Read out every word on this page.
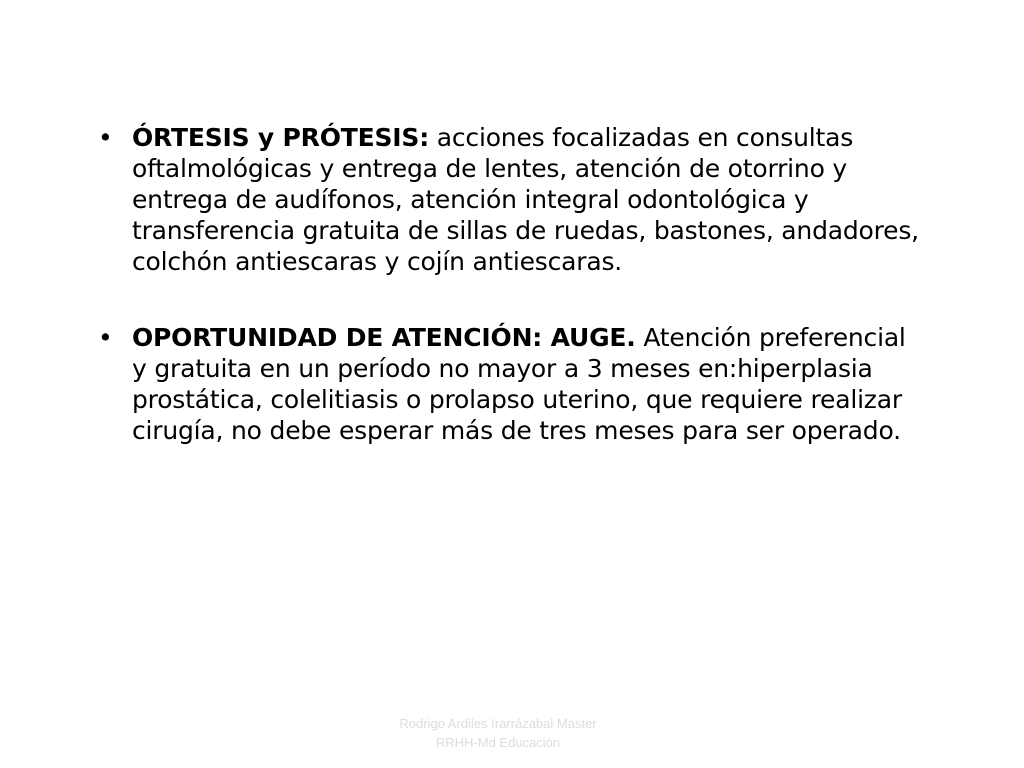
• ÓRTESIS y PRÓTESIS: acciones focalizadas en consultas oftalmológicas y entrega de lentes, atención de otorrino y entrega de audífonos, atención integral odontológica y transferencia gratuita de sillas de ruedas, bastones, andadores, colchón antiescaras y cojín antiescaras.
• OPORTUNIDAD DE ATENCIÓN: AUGE. Atención preferencial y gratuita en un período no mayor a 3 meses en:hiperplasia prostática, colelitiasis o prolapso uterino, que requiere realizar cirugía, no debe esperar más de tres meses para ser operado.
Rodrigo Ardiles Irarrázabal Master
RRHH-Md Educación
